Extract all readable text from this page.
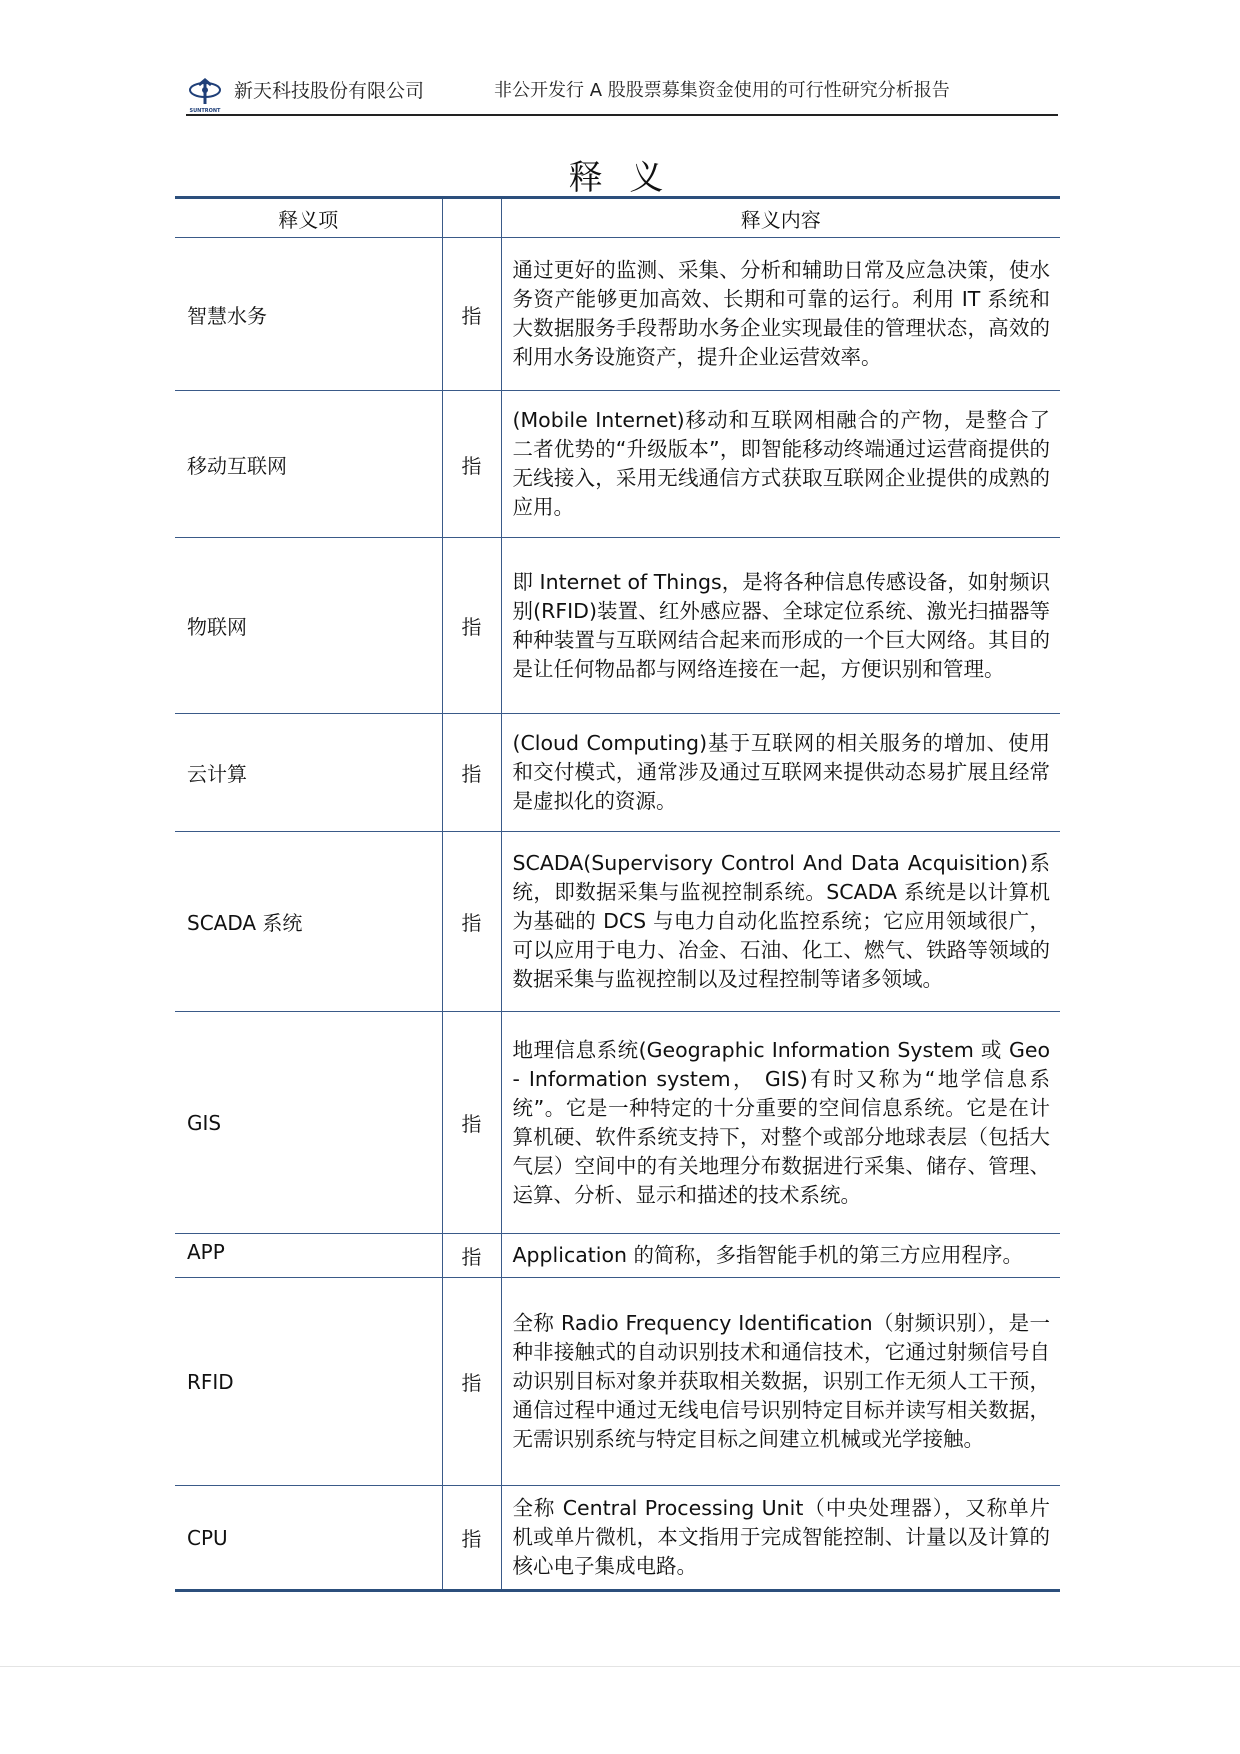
SUNTRONT
新天科技股份有限公司	非公开发行 A 股股票募集资金使用的可行性研究分析报告
释 义
释义项		释义内容
智慧水务	指	通过更好的监测、采集、分析和辅助日常及应急决策，使水务资产能够更加高效、长期和可靠的运行。利用 IT 系统和大数据服务手段帮助水务企业实现最佳的管理状态，高效的利用水务设施资产，提升企业运营效率。
移动互联网	指	(Mobile Internet)移动和互联网相融合的产物，是整合了二者优势的“升级版本”，即智能移动终端通过运营商提供的无线接入，采用无线通信方式获取互联网企业提供的成熟的应用。
物联网	指	即 Internet of Things，是将各种信息传感设备，如射频识别(RFID)装置、红外感应器、全球定位系统、激光扫描器等种种装置与互联网结合起来而形成的一个巨大网络。其目的是让任何物品都与网络连接在一起，方便识别和管理。
云计算	指	(Cloud Computing)基于互联网的相关服务的增加、使用和交付模式，通常涉及通过互联网来提供动态易扩展且经常是虚拟化的资源。
SCADA 系统	指	SCADA(Supervisory Control And Data Acquisition)系统，即数据采集与监视控制系统。SCADA 系统是以计算机为基础的 DCS 与电力自动化监控系统；它应用领域很广，可以应用于电力、冶金、石油、化工、燃气、铁路等领域的数据采集与监视控制以及过程控制等诸多领域。
GIS	指	地理信息系统(Geographic Information System 或 Geo - Information system， GIS)有时又称为“地学信息系统”。它是一种特定的十分重要的空间信息系统。它是在计算机硬、软件系统支持下，对整个或部分地球表层（包括大气层）空间中的有关地理分布数据进行采集、储存、管理、运算、分析、显示和描述的技术系统。
APP	指	Application 的简称，多指智能手机的第三方应用程序。
RFID	指	全称 Radio Frequency Identification（射频识别），是一种非接触式的自动识别技术和通信技术，它通过射频信号自动识别目标对象并获取相关数据，识别工作无须人工干预，通信过程中通过无线电信号识别特定目标并读写相关数据，无需识别系统与特定目标之间建立机械或光学接触。
CPU	指	全称 Central Processing Unit（中央处理器），又称单片机或单片微机，本文指用于完成智能控制、计量以及计算的核心电子集成电路。
